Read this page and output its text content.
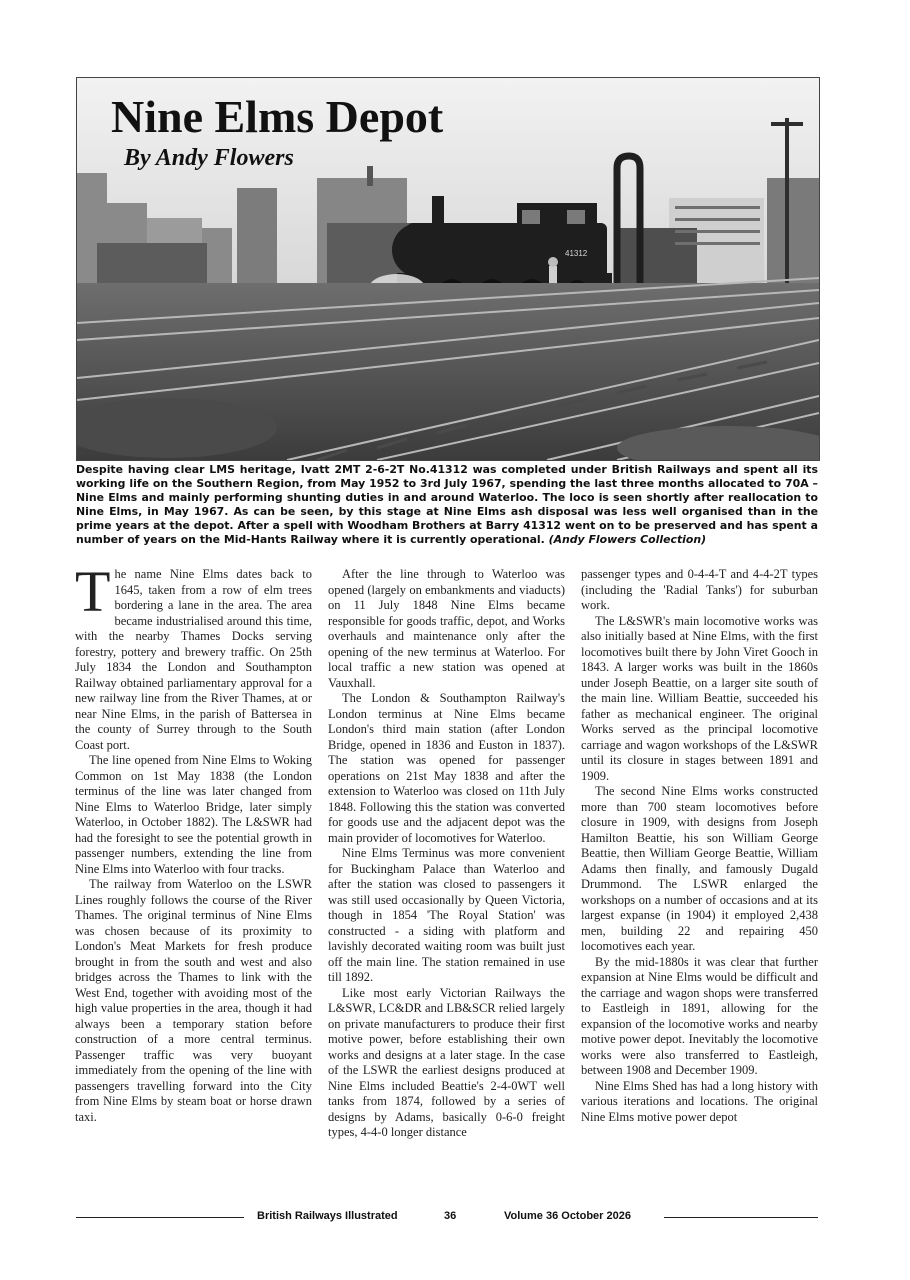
41312
Nine Elms Depot
By Andy Flowers
Despite having clear LMS heritage, Ivatt 2MT 2-6-2T No.41312 was completed under British Railways and spent all its working life on the Southern Region, from May 1952 to 3rd July 1967, spending the last three months allocated to 70A – Nine Elms and mainly performing shunting duties in and around Waterloo. The loco is seen shortly after reallocation to Nine Elms, in May 1967. As can be seen, by this stage at Nine Elms ash disposal was less well organised than in the prime years at the depot. After a spell with Woodham Brothers at Barry 41312 went on to be preserved and has spent a number of years on the Mid-Hants Railway where it is currently operational. (Andy Flowers Collection)

The name Nine Elms dates back to 1645, taken from a row of elm trees bordering a lane in the area. The area became industrialised around this time, with the nearby Thames Docks serving forestry, pottery and brewery traffic. On 25th July 1834 the London and Southampton Railway obtained parliamentary approval for a new railway line from the River Thames, at or near Nine Elms, in the parish of Battersea in the county of Surrey through to the South Coast port.

The line opened from Nine Elms to Woking Common on 1st May 1838 (the London terminus of the line was later changed from Nine Elms to Waterloo Bridge, later simply Waterloo, in October 1882). The L&SWR had had the foresight to see the potential growth in passenger numbers, extending the line from Nine Elms into Waterloo with four tracks.

The railway from Waterloo on the LSWR Lines roughly follows the course of the River Thames. The original terminus of Nine Elms was chosen because of its proximity to London's Meat Markets for fresh produce brought in from the south and west and also bridges across the Thames to link with the West End, together with avoiding most of the high value properties in the area, though it had always been a temporary station before construction of a more central terminus. Passenger traffic was very buoyant immediately from the opening of the line with passengers travelling forward into the City from Nine Elms by steam boat or horse drawn taxi.

After the line through to Waterloo was opened (largely on embankments and viaducts) on 11 July 1848 Nine Elms became responsible for goods traffic, depot, and Works overhauls and maintenance only after the opening of the new terminus at Waterloo. For local traffic a new station was opened at Vauxhall.

The London & Southampton Railway's London terminus at Nine Elms became London's third main station (after London Bridge, opened in 1836 and Euston in 1837). The station was opened for passenger operations on 21st May 1838 and after the extension to Waterloo was closed on 11th July 1848. Following this the station was converted for goods use and the adjacent depot was the main provider of locomotives for Waterloo.

Nine Elms Terminus was more convenient for Buckingham Palace than Waterloo and after the station was closed to passengers it was still used occasionally by Queen Victoria, though in 1854 'The Royal Station' was constructed - a siding with platform and lavishly decorated waiting room was built just off the main line. The station remained in use till 1892.

Like most early Victorian Railways the L&SWR, LC&DR and LB&SCR relied largely on private manufacturers to produce their first motive power, before establishing their own works and designs at a later stage. In the case of the LSWR the earliest designs produced at Nine Elms included Beattie's 2-4-0WT well tanks from 1874, followed by a series of designs by Adams, basically 0-6-0 freight types, 4-4-0 longer distance

passenger types and 0-4-4-T and 4-4-2T types (including the 'Radial Tanks') for suburban work.

The L&SWR's main locomotive works was also initially based at Nine Elms, with the first locomotives built there by John Viret Gooch in 1843. A larger works was built in the 1860s under Joseph Beattie, on a larger site south of the main line. William Beattie, succeeded his father as mechanical engineer. The original Works served as the principal locomotive carriage and wagon workshops of the L&SWR until its closure in stages between 1891 and 1909.

The second Nine Elms works constructed more than 700 steam locomotives before closure in 1909, with designs from Joseph Hamilton Beattie, his son William George Beattie, then William George Beattie, William Adams then finally, and famously Dugald Drummond. The LSWR enlarged the workshops on a number of occasions and at its largest expanse (in 1904) it employed 2,438 men, building 22 and repairing 450 locomotives each year.

By the mid-1880s it was clear that further expansion at Nine Elms would be difficult and the carriage and wagon shops were transferred to Eastleigh in 1891, allowing for the expansion of the locomotive works and nearby motive power depot. Inevitably the locomotive works were also transferred to Eastleigh, between 1908 and December 1909.

Nine Elms Shed has had a long history with various iterations and locations. The original Nine Elms motive power depot

British Railways Illustrated	36	Volume 36 October 2026
